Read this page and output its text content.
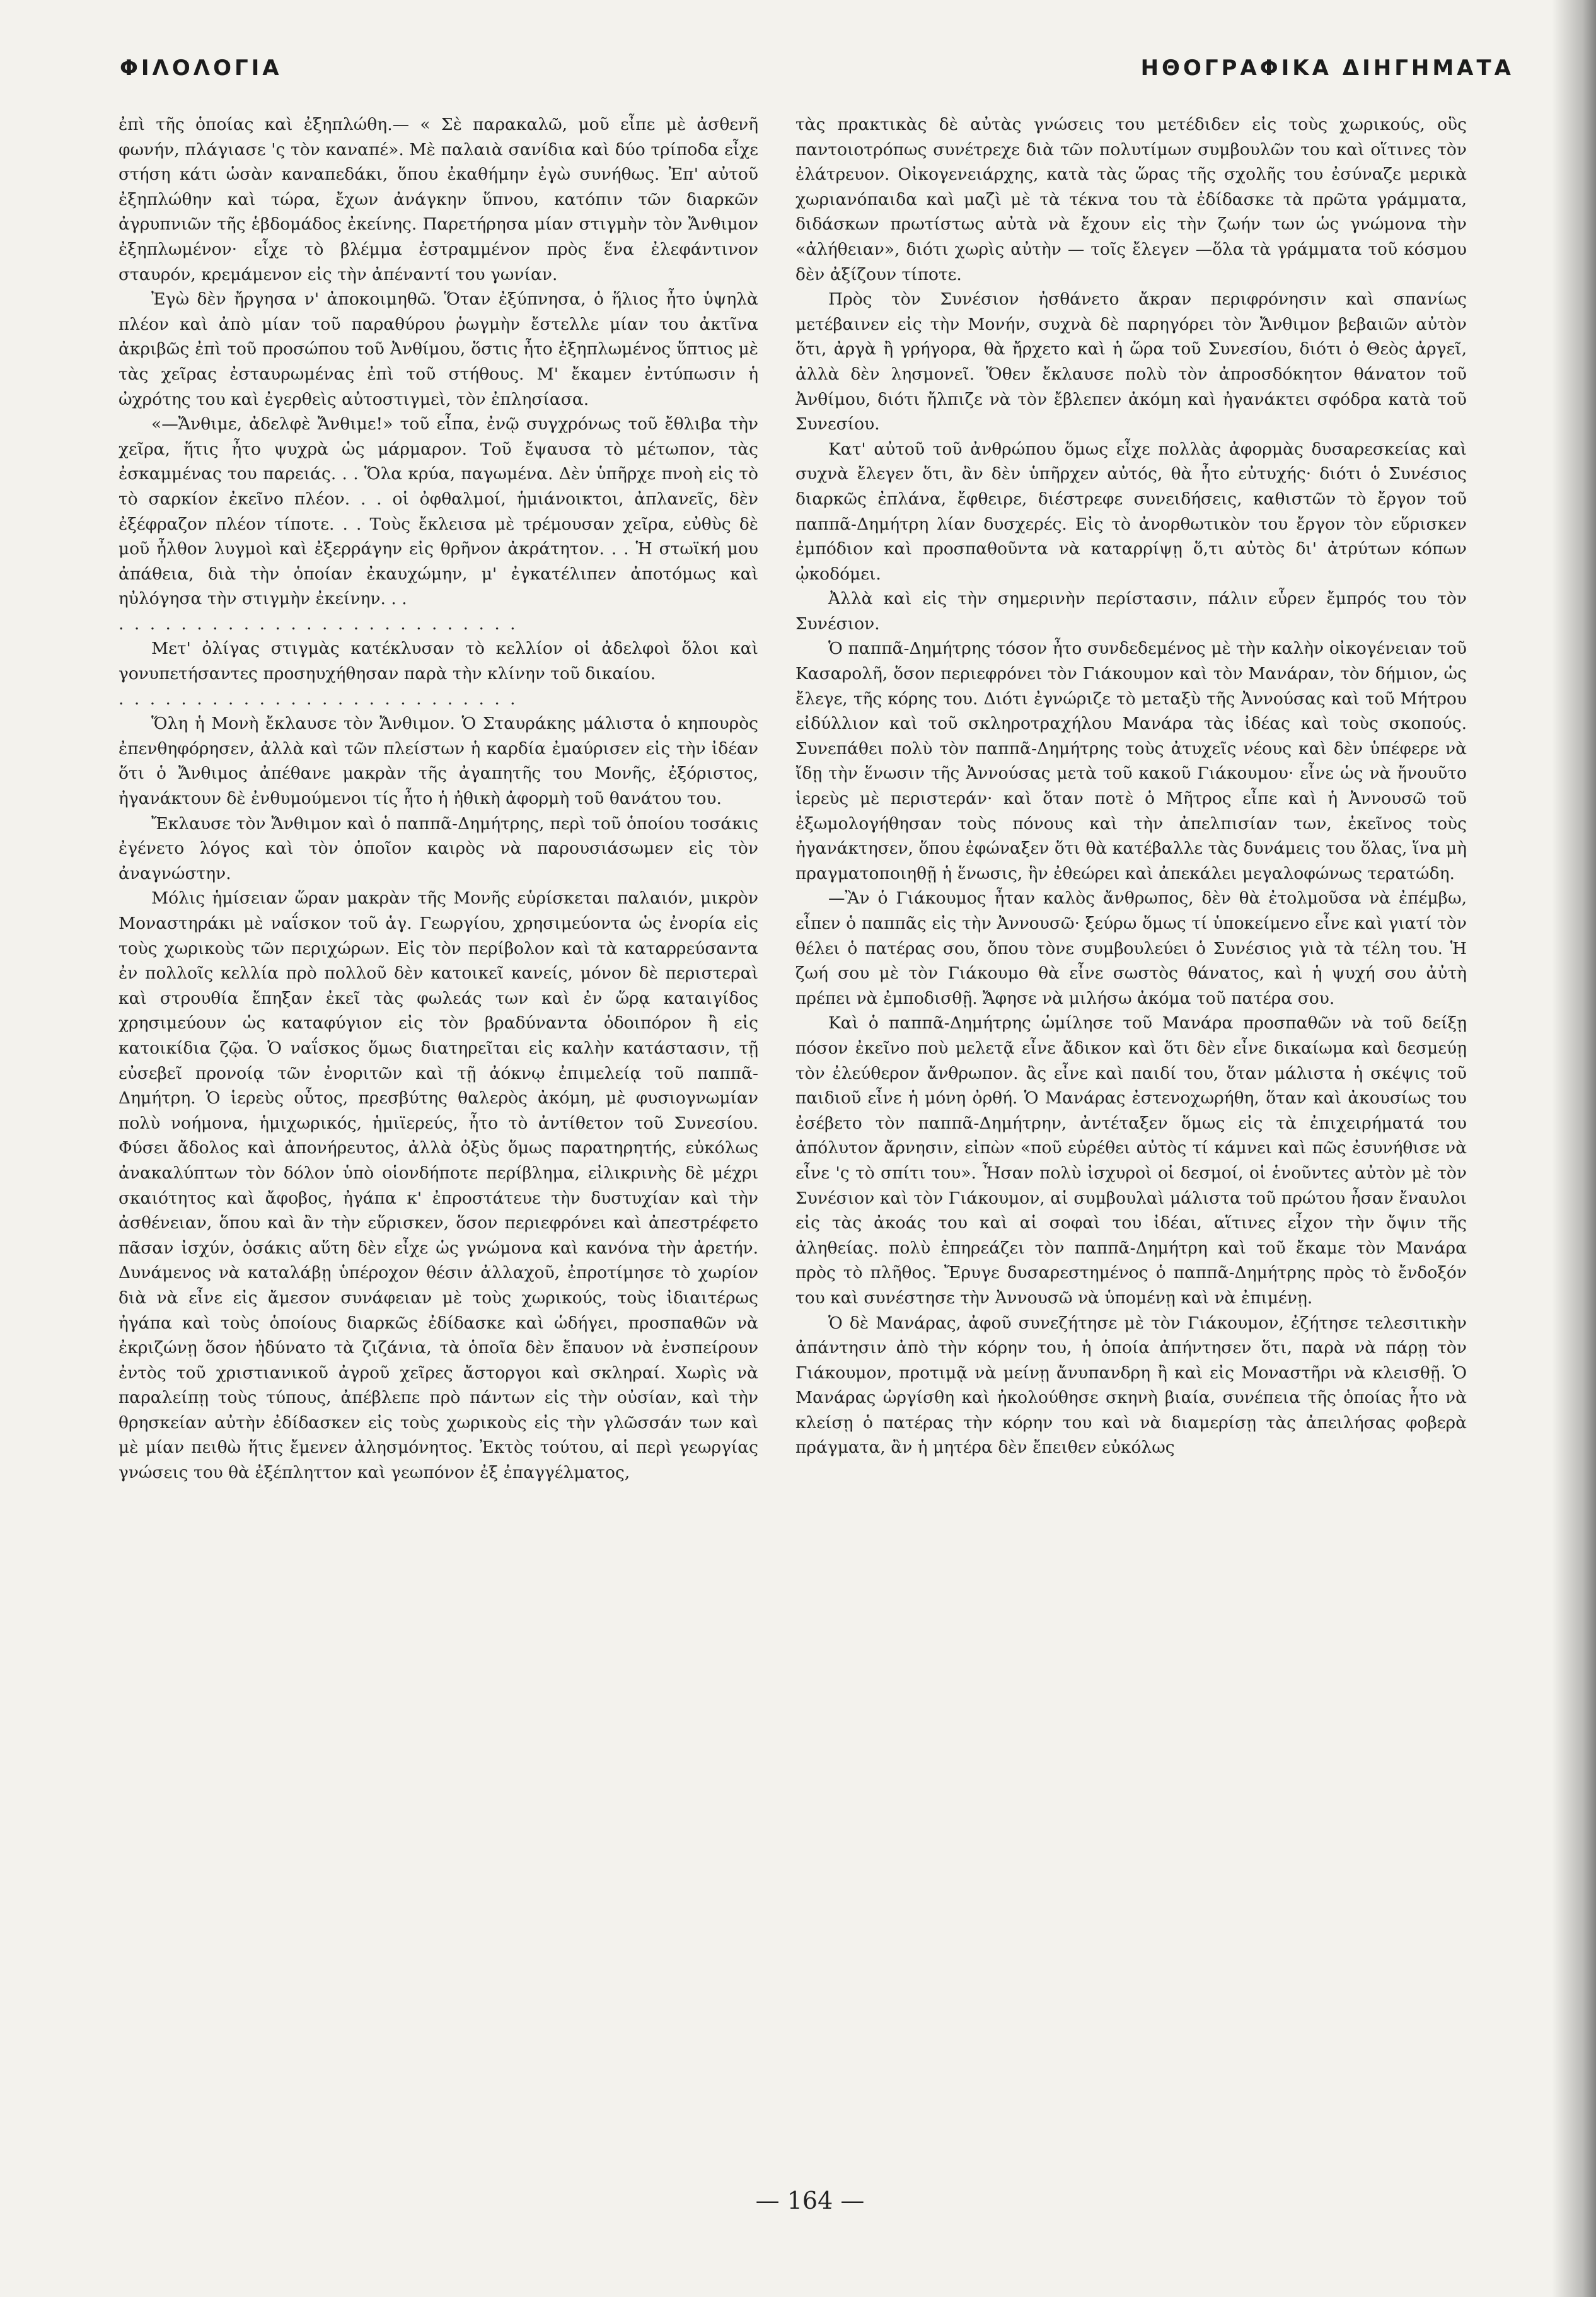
ΦΙΛΟΛΟΓΙΑ	ΗΘΟΓΡΑΦΙΚΑ ΔΙΗΓΗΜΑΤΑ

ἐπὶ τῆς ὁποίας καὶ ἐξηπλώθη.— « Σὲ παρακαλῶ, μοῦ εἶπε μὲ ἀσθενῆ φωνήν, πλάγιασε 'ς τὸν καναπέ». Μὲ παλαιὰ σανίδια καὶ δύο τρίποδα εἶχε στήση κάτι ὡσὰν καναπεδάκι, ὅπου ἐκαθήμην ἐγὼ συνήθως. Ἐπ' αὐτοῦ ἐξηπλώθην καὶ τώρα, ἔχων ἀνάγκην ὕπνου, κατόπιν τῶν διαρκῶν ἀγρυπνιῶν τῆς ἑβδομάδος ἐκείνης. Παρετήρησα μίαν στιγμὴν τὸν Ἄνθιμον ἐξηπλωμένον· εἶχε τὸ βλέμμα ἐστραμμένον πρὸς ἕνα ἐλεφάντινον σταυρόν, κρεμάμενον εἰς τὴν ἀπέναντί του γωνίαν.

Ἐγὼ δὲν ἤργησα ν' ἀποκοιμηθῶ. Ὅταν ἐξύπνησα, ὁ ἥλιος ἦτο ὑψηλὰ πλέον καὶ ἀπὸ μίαν τοῦ παραθύρου ῥωγμὴν ἔστελλε μίαν του ἀκτῖνα ἀκριβῶς ἐπὶ τοῦ προσώπου τοῦ Ἀνθίμου, ὅστις ἦτο ἐξηπλωμένος ὕπτιος μὲ τὰς χεῖρας ἐσταυρωμένας ἐπὶ τοῦ στήθους. Μ' ἔκαμεν ἐντύπωσιν ἡ ὠχρότης του καὶ ἐγερθεὶς αὐτοστιγμεὶ, τὸν ἐπλησίασα.

«—Ἄνθιμε, ἀδελφὲ Ἄνθιμε!» τοῦ εἶπα, ἐνῷ συγχρόνως τοῦ ἔθλιβα τὴν χεῖρα, ἥτις ἦτο ψυχρὰ ὡς μάρμαρον. Τοῦ ἔψαυσα τὸ μέτωπον, τὰς ἐσκαμμένας του παρειάς. . . Ὅλα κρύα, παγωμένα. Δὲν ὑπῆρχε πνοὴ εἰς τὸ τὸ σαρκίον ἐκεῖνο πλέον. . . οἱ ὀφθαλμοί, ἡμιάνοικτοι, ἀπλανεῖς, δὲν ἐξέφραζον πλέον τίποτε. . . Τοὺς ἔκλεισα μὲ τρέμουσαν χεῖρα, εὐθὺς δὲ μοῦ ἦλθον λυγμοὶ καὶ ἐξερράγην εἰς θρῆνον ἀκράτητον. . . Ἡ στωϊκή μου ἀπάθεια, διὰ τὴν ὁποίαν ἐκαυχώμην, μ' ἐγκατέλιπεν ἀποτόμως καὶ ηὐλόγησα τὴν στιγμὴν ἐκείνην. . .

. . . . . . . . . . . . . . . . . . . . . . . . . .

Μετ' ὀλίγας στιγμὰς κατέκλυσαν τὸ κελλίον οἱ ἀδελφοὶ ὅλοι καὶ γονυπετήσαντες προσηυχήθησαν παρὰ τὴν κλίνην τοῦ δικαίου.

. . . . . . . . . . . . . . . . . . . . . . . . . .

Ὅλη ἡ Μονὴ ἔκλαυσε τὸν Ἄνθιμον. Ὁ Σταυράκης μάλιστα ὁ κηπουρὸς ἐπενθηφόρησεν, ἀλλὰ καὶ τῶν πλείστων ἡ καρδία ἐμαύρισεν εἰς τὴν ἰδέαν ὅτι ὁ Ἄνθιμος ἀπέθανε μακρὰν τῆς ἀγαπητῆς του Μονῆς, ἐξόριστος, ἠγανάκτουν δὲ ἐνθυμούμενοι τίς ἦτο ἡ ἠθικὴ ἀφορμὴ τοῦ θανάτου του.

Ἔκλαυσε τὸν Ἄνθιμον καὶ ὁ παππᾶ-Δημήτρης, περὶ τοῦ ὁποίου τοσάκις ἐγένετο λόγος καὶ τὸν ὁποῖον καιρὸς νὰ παρουσιάσωμεν εἰς τὸν ἀναγνώστην.

Μόλις ἡμίσειαν ὥραν μακρὰν τῆς Μονῆς εὑρίσκεται παλαιόν, μικρὸν Μοναστηράκι μὲ ναΐσκον τοῦ ἁγ. Γεωργίου, χρησιμεύοντα ὡς ἐνορία εἰς τοὺς χωρικοὺς τῶν περιχώρων. Εἰς τὸν περίβολον καὶ τὰ καταρρεύσαντα ἐν πολλοῖς κελλία πρὸ πολλοῦ δὲν κατοικεῖ κανείς, μόνον δὲ περιστεραὶ καὶ στρουθία ἔπηξαν ἐκεῖ τὰς φωλεάς των καὶ ἐν ὥρᾳ καταιγίδος χρησιμεύουν ὡς καταφύγιον εἰς τὸν βραδύναντα ὁδοιπόρον ἢ εἰς κατοικίδια ζῷα. Ὁ ναΐσκος ὅμως διατηρεῖται εἰς καλὴν κατάστασιν, τῇ εὐσεβεῖ προνοίᾳ τῶν ἐνοριτῶν καὶ τῇ ἀόκνῳ ἐπιμελείᾳ τοῦ παππᾶ-Δημήτρη. Ὁ ἱερεὺς οὗτος, πρεσβύτης θαλερὸς ἀκόμη, μὲ φυσιογνωμίαν πολὺ νοήμονα, ἡμιχωρικός, ἡμιϊερεύς, ἦτο τὸ ἀντίθετον τοῦ Συνεσίου. Φύσει ἄδολος καὶ ἀπονήρευτος, ἀλλὰ ὀξὺς ὅμως παρατηρητής, εὐκόλως ἀνακαλύπτων τὸν δόλον ὑπὸ οἱονδήποτε περίβλημα, εἰλικρινὴς δὲ μέχρι σκαιότητος καὶ ἄφοβος, ἠγάπα κ' ἐπροστάτευε τὴν δυστυχίαν καὶ τὴν ἀσθένειαν, ὅπου καὶ ἂν τὴν εὕρισκεν, ὅσον περιεφρόνει καὶ ἀπεστρέφετο πᾶσαν ἰσχύν, ὁσάκις αὕτη δὲν εἶχε ὡς γνώμονα καὶ κανόνα τὴν ἀρετήν. Δυνάμενος νὰ καταλάβῃ ὑπέροχον θέσιν ἀλλαχοῦ, ἐπροτίμησε τὸ χωρίον διὰ νὰ εἶνε εἰς ἄμεσον συνάφειαν μὲ τοὺς χωρικούς, τοὺς ἰδιαιτέρως ἠγάπα καὶ τοὺς ὁποίους διαρκῶς ἐδίδασκε καὶ ὡδήγει, προσπαθῶν νὰ ἐκριζώνῃ ὅσον ἠδύνατο τὰ ζιζάνια, τὰ ὁποῖα δὲν ἔπαυον νὰ ἐνσπείρουν ἐντὸς τοῦ χριστιανικοῦ ἀγροῦ χεῖρες ἄστοργοι καὶ σκληραί. Χωρὶς νὰ παραλείπῃ τοὺς τύπους, ἀπέβλεπε πρὸ πάντων εἰς τὴν οὐσίαν, καὶ τὴν θρησκείαν αὐτὴν ἐδίδασκεν εἰς τοὺς χωρικοὺς εἰς τὴν γλῶσσάν των καὶ μὲ μίαν πειθὼ ἥτις ἔμενεν ἀλησμόνητος. Ἐκτὸς τούτου, αἱ περὶ γεωργίας γνώσεις του θὰ ἐξέπληττον καὶ γεωπόνον ἐξ ἐπαγγέλματος,

τὰς πρακτικὰς δὲ αὐτὰς γνώσεις του μετέδιδεν εἰς τοὺς χωρικούς, οὓς παντοιοτρόπως συνέτρεχε διὰ τῶν πολυτίμων συμβουλῶν του καὶ οἵτινες τὸν ἐλάτρευον. Οἰκογενειάρχης, κατὰ τὰς ὥρας τῆς σχολῆς του ἐσύναζε μερικὰ χωριανόπαιδα καὶ μαζὶ μὲ τὰ τέκνα του τὰ ἐδίδασκε τὰ πρῶτα γράμματα, διδάσκων πρωτίστως αὐτὰ νὰ ἔχουν εἰς τὴν ζωήν των ὡς γνώμονα τὴν «ἀλήθειαν», διότι χωρὶς αὐτὴν — τοῖς ἔλεγεν —ὅλα τὰ γράμματα τοῦ κόσμου δὲν ἀξίζουν τίποτε.

Πρὸς τὸν Συνέσιον ἠσθάνετο ἄκραν περιφρόνησιν καὶ σπανίως μετέβαινεν εἰς τὴν Μονήν, συχνὰ δὲ παρηγόρει τὸν Ἄνθιμον βεβαιῶν αὐτὸν ὅτι, ἀργὰ ἢ γρήγορα, θὰ ἤρχετο καὶ ἡ ὥρα τοῦ Συνεσίου, διότι ὁ Θεὸς ἀργεῖ, ἀλλὰ δὲν λησμονεῖ. Ὅθεν ἔκλαυσε πολὺ τὸν ἀπροσδόκητον θάνατον τοῦ Ἀνθίμου, διότι ἤλπιζε νὰ τὸν ἔβλεπεν ἀκόμη καὶ ἠγανάκτει σφόδρα κατὰ τοῦ Συνεσίου.

Κατ' αὐτοῦ τοῦ ἀνθρώπου ὅμως εἶχε πολλὰς ἀφορμὰς δυσαρεσκείας καὶ συχνὰ ἔλεγεν ὅτι, ἂν δὲν ὑπῆρχεν αὐτός, θὰ ἦτο εὐτυχής· διότι ὁ Συνέσιος διαρκῶς ἐπλάνα, ἔφθειρε, διέστρεφε συνειδήσεις, καθιστῶν τὸ ἔργον τοῦ παππᾶ-Δημήτρη λίαν δυσχερές. Εἰς τὸ ἀνορθωτικὸν του ἔργον τὸν εὕρισκεν ἐμπόδιον καὶ προσπαθοῦντα νὰ καταρρίψῃ ὅ,τι αὐτὸς δι' ἀτρύτων κόπων ᾠκοδόμει.

Ἀλλὰ καὶ εἰς τὴν σημερινὴν περίστασιν, πάλιν εὗρεν ἔμπρός του τὸν Συνέσιον.

Ὁ παππᾶ-Δημήτρης τόσον ἦτο συνδεδεμένος μὲ τὴν καλὴν οἰκογένειαν τοῦ Κασαρολῆ, ὅσον περιεφρόνει τὸν Γιάκουμον καὶ τὸν Μανάραν, τὸν δήμιον, ὡς ἔλεγε, τῆς κόρης του. Διότι ἐγνώριζε τὸ μεταξὺ τῆς Ἀννούσας καὶ τοῦ Μήτρου εἰδύλλιον καὶ τοῦ σκληροτραχήλου Μανάρα τὰς ἰδέας καὶ τοὺς σκοπούς. Συνεπάθει πολὺ τὸν παππᾶ-Δημήτρης τοὺς ἀτυχεῖς νέους καὶ δὲν ὑπέφερε νὰ ἴδῃ τὴν ἕνωσιν τῆς Ἀννούσας μετὰ τοῦ κακοῦ Γιάκουμου· εἶνε ὡς νὰ ἤνουῦτο ἱερεὺς μὲ περιστεράν· καὶ ὅταν ποτὲ ὁ Μῆτρος εἶπε καὶ ἡ Ἀννουσῶ τοῦ ἐξωμολογήθησαν τοὺς πόνους καὶ τὴν ἀπελπισίαν των, ἐκεῖνος τοὺς ἠγανάκτησεν, ὅπου ἐφώναξεν ὅτι θὰ κατέβαλλε τὰς δυνάμεις του ὅλας, ἵνα μὴ πραγματοποιηθῇ ἡ ἕνωσις, ἣν ἐθεώρει καὶ ἀπεκάλει μεγαλοφώνως τερατώδη.

—Ἂν ὁ Γιάκουμος ἦταν καλὸς ἄνθρωπος, δὲν θὰ ἐτολμοῦσα νὰ ἐπέμβω, εἶπεν ὁ παππᾶς εἰς τὴν Ἀννουσῶ· ξεύρω ὅμως τί ὑποκείμενο εἶνε καὶ γιατί τὸν θέλει ὁ πατέρας σου, ὅπου τὸνε συμβουλεύει ὁ Συνέσιος γιὰ τὰ τέλη του. Ἡ ζωή σου μὲ τὸν Γιάκουμο θὰ εἶνε σωστὸς θάνατος, καὶ ἡ ψυχή σου ἀὐτὴ πρέπει νὰ ἐμποδισθῇ. Ἄφησε νὰ μιλήσω ἀκόμα τοῦ πατέρα σου.

Καὶ ὁ παππᾶ-Δημήτρης ὡμίλησε τοῦ Μανάρα προσπαθῶν νὰ τοῦ δείξῃ πόσον ἐκεῖνο ποὺ μελετᾷ εἶνε ἄδικον καὶ ὅτι δὲν εἶνε δικαίωμα καὶ δεσμεύῃ τὸν ἐλεύθερον ἄνθρωπον. ἂς εἶνε καὶ παιδί του, ὅταν μάλιστα ἡ σκέψις τοῦ παιδιοῦ εἶνε ἡ μόνη ὀρθή. Ὁ Μανάρας ἐστενοχωρήθη, ὅταν καὶ ἀκουσίως του ἐσέβετο τὸν παππᾶ-Δημήτρην, ἀντέταξεν ὅμως εἰς τὰ ἐπιχειρήματά του ἀπόλυτον ἄρνησιν, εἰπὼν «ποῦ εὑρέθει αὐτὸς τί κάμνει καὶ πῶς ἐσυνήθισε νὰ εἶνε 'ς τὸ σπίτι του». Ἦσαν πολὺ ἰσχυροὶ οἱ δεσμοί, οἱ ἑνοῦντες αὐτὸν μὲ τὸν Συνέσιον καὶ τὸν Γιάκουμον, αἱ συμβουλαὶ μάλιστα τοῦ πρώτου ἦσαν ἔναυλοι εἰς τὰς ἀκοάς του καὶ αἱ σοφαὶ του ἰδέαι, αἵτινες εἶχον τὴν ὄψιν τῆς ἀληθείας. πολὺ ἐπηρεάζει τὸν παππᾶ-Δημήτρη καὶ τοῦ ἔκαμε τὸν Μανάρα πρὸς τὸ πλῆθος. Ἔρυγε δυσαρεστημένος ὁ παππᾶ-Δημήτρης πρὸς τὸ ἔνδοξόν του καὶ συνέστησε τὴν Ἀννουσῶ νὰ ὑπομένῃ καὶ νὰ ἐπιμένῃ.

Ὁ δὲ Μανάρας, ἀφοῦ συνεζήτησε μὲ τὸν Γιάκουμον, ἐζήτησε τελεσιτικὴν ἀπάντησιν ἀπὸ τὴν κόρην του, ἡ ὁποία ἀπήντησεν ὅτι, παρὰ νὰ πάρῃ τὸν Γιάκουμον, προτιμᾷ νὰ μείνῃ ἄνυπανδρη ἢ καὶ εἰς Μοναστῆρι νὰ κλεισθῇ. Ὁ Μανάρας ὠργίσθη καὶ ἠκολούθησε σκηνὴ βιαία, συνέπεια τῆς ὁποίας ἦτο νὰ κλείσῃ ὁ πατέρας τὴν κόρην του καὶ νὰ διαμερίσῃ τὰς ἀπειλήσας φοβερὰ πράγματα, ἂν ἡ μητέρα δὲν ἔπειθεν εὐκόλως

— 164 —
